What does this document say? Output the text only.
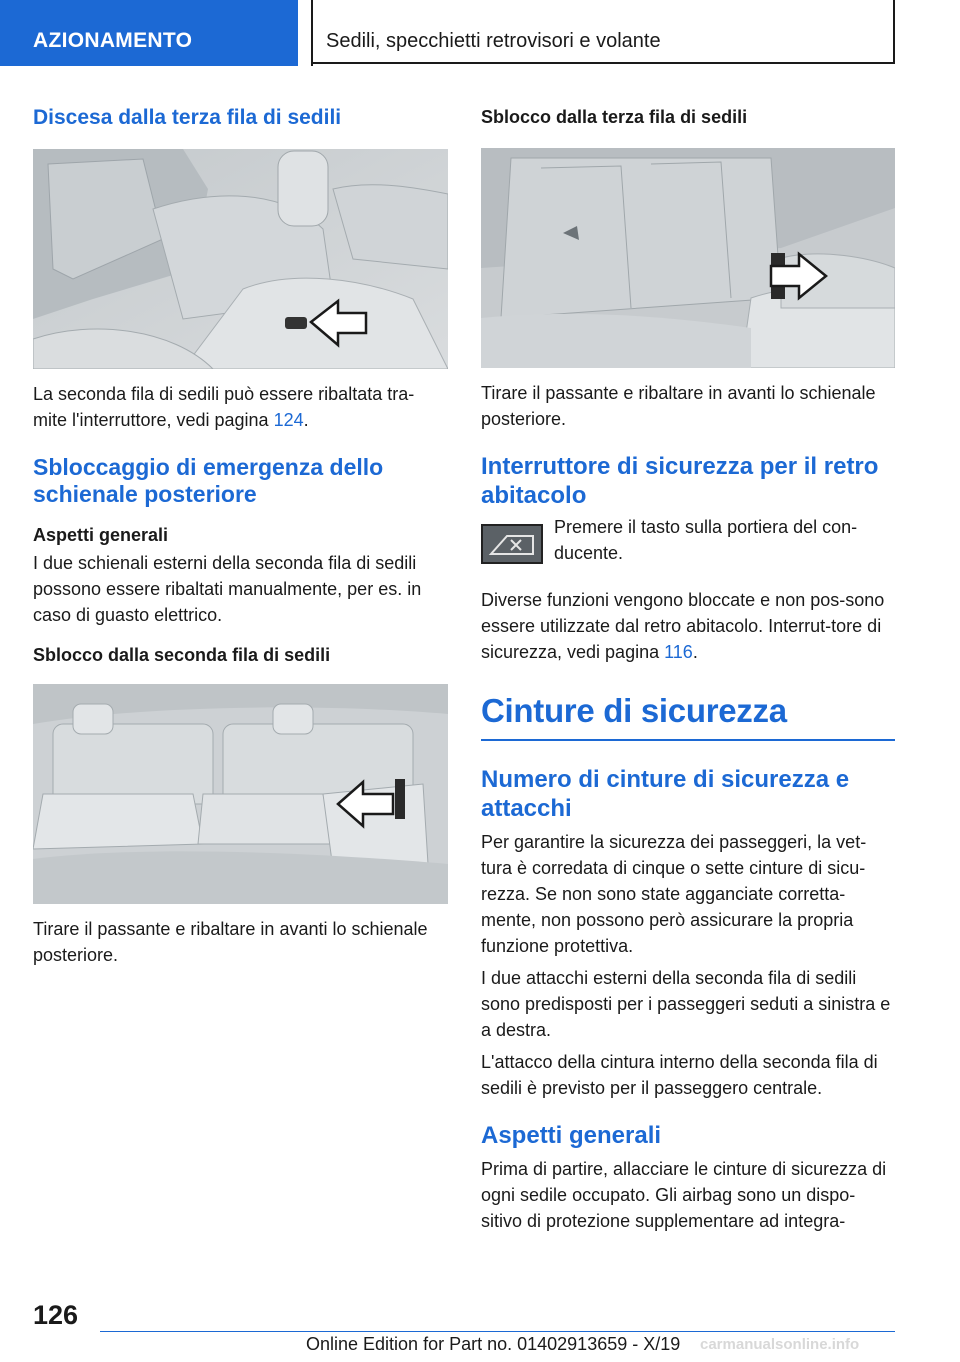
AZIONAMENTO	Sedili, specchietti retrovisori e volante
Discesa dalla terza fila di sedili

La seconda fila di sedili può essere ribaltata tra-mite l'interruttore, vedi pagina 124.

Sbloccaggio di emergenza dello schienale posteriore

Aspetti generali

I due schienali esterni della seconda fila di sedili possono essere ribaltati manualmente, per es. in caso di guasto elettrico.

Sblocco dalla seconda fila di sedili

Tirare il passante e ribaltare in avanti lo schienale posteriore.

Sblocco dalla terza fila di sedili

Tirare il passante e ribaltare in avanti lo schienale posteriore.

Interruttore di sicurezza per il retro abitacolo

Premere il tasto sulla portiera del con-ducente.

Diverse funzioni vengono bloccate e non pos-sono essere utilizzate dal retro abitacolo. Interrut-tore di sicurezza, vedi pagina 116.

Cinture di sicurezza
Numero di cinture di sicurezza e attacchi

Per garantire la sicurezza dei passeggeri, la vet-tura è corredata di cinque o sette cinture di sicu-rezza. Se non sono state agganciate corretta-mente, non possono però assicurare la propria funzione protettiva.

I due attacchi esterni della seconda fila di sedili sono predisposti per i passeggeri seduti a sinistra e a destra.

L'attacco della cintura interno della seconda fila di sedili è previsto per il passeggero centrale.

Aspetti generali

Prima di partire, allacciare le cinture di sicurezza di ogni sedile occupato. Gli airbag sono un dispo-sitivo di protezione supplementare ad integra-

126
Online Edition for Part no. 01402913659 - X/19 carmanualsonline.info
